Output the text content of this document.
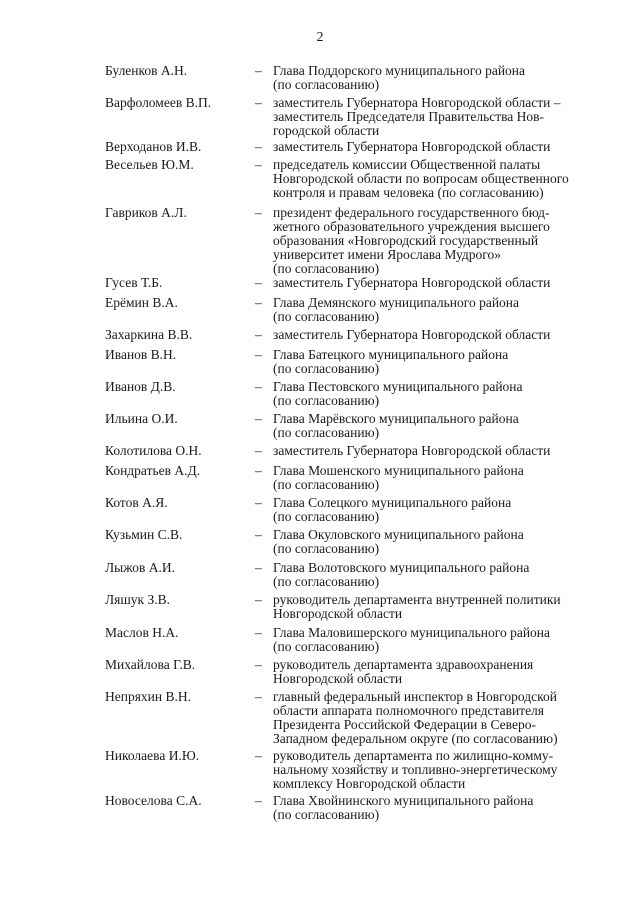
2
Буленков А.Н.	– Глава Поддорского муниципального района
(по согласованию)
Варфоломеев В.П.	– заместитель Губернатора Новгородской области –
заместитель Председателя Правительства Нов-
городской области
Верходанов И.В.	– заместитель Губернатора Новгородской области
Весельев Ю.М.	– председатель комиссии Общественной палаты
Новгородской области по вопросам общественного
контроля и правам человека (по согласованию)
Гавриков А.Л.	– президент федерального государственного бюд-
жетного образовательного учреждения высшего
образования «Новгородский государственный
университет имени Ярослава Мудрого»
(по согласованию)
Гусев Т.Б.	– заместитель Губернатора Новгородской области
Ерёмин В.А.	– Глава Демянского муниципального района
(по согласованию)
Захаркина В.В.	– заместитель Губернатора Новгородской области
Иванов В.Н.	– Глава Батецкого муниципального района
(по согласованию)
Иванов Д.В.	– Глава Пестовского муниципального района
(по согласованию)
Ильина О.И.	– Глава Марёвского муниципального района
(по согласованию)
Колотилова О.Н.	– заместитель Губернатора Новгородской области
Кондратьев А.Д.	– Глава Мошенского муниципального района
(по согласованию)
Котов А.Я.	– Глава Солецкого муниципального района
(по согласованию)
Кузьмин С.В.	– Глава Окуловского муниципального района
(по согласованию)
Лыжов А.И.	– Глава Волотовского муниципального района
(по согласованию)
Ляшук З.В.	– руководитель департамента внутренней политики
Новгородской области
Маслов Н.А.	– Глава Маловишерского муниципального района
(по согласованию)
Михайлова Г.В.	– руководитель департамента здравоохранения
Новгородской области
Непряхин В.Н.	– главный федеральный инспектор в Новгородской
области аппарата полномочного представителя
Президента Российской Федерации в Северо-
Западном федеральном округе (по согласованию)
Николаева И.Ю.	– руководитель департамента по жилищно-комму-
нальному хозяйству и топливно-энергетическому
комплексу Новгородской области
Новоселова С.А.	– Глава Хвойнинского муниципального района
(по согласованию)
